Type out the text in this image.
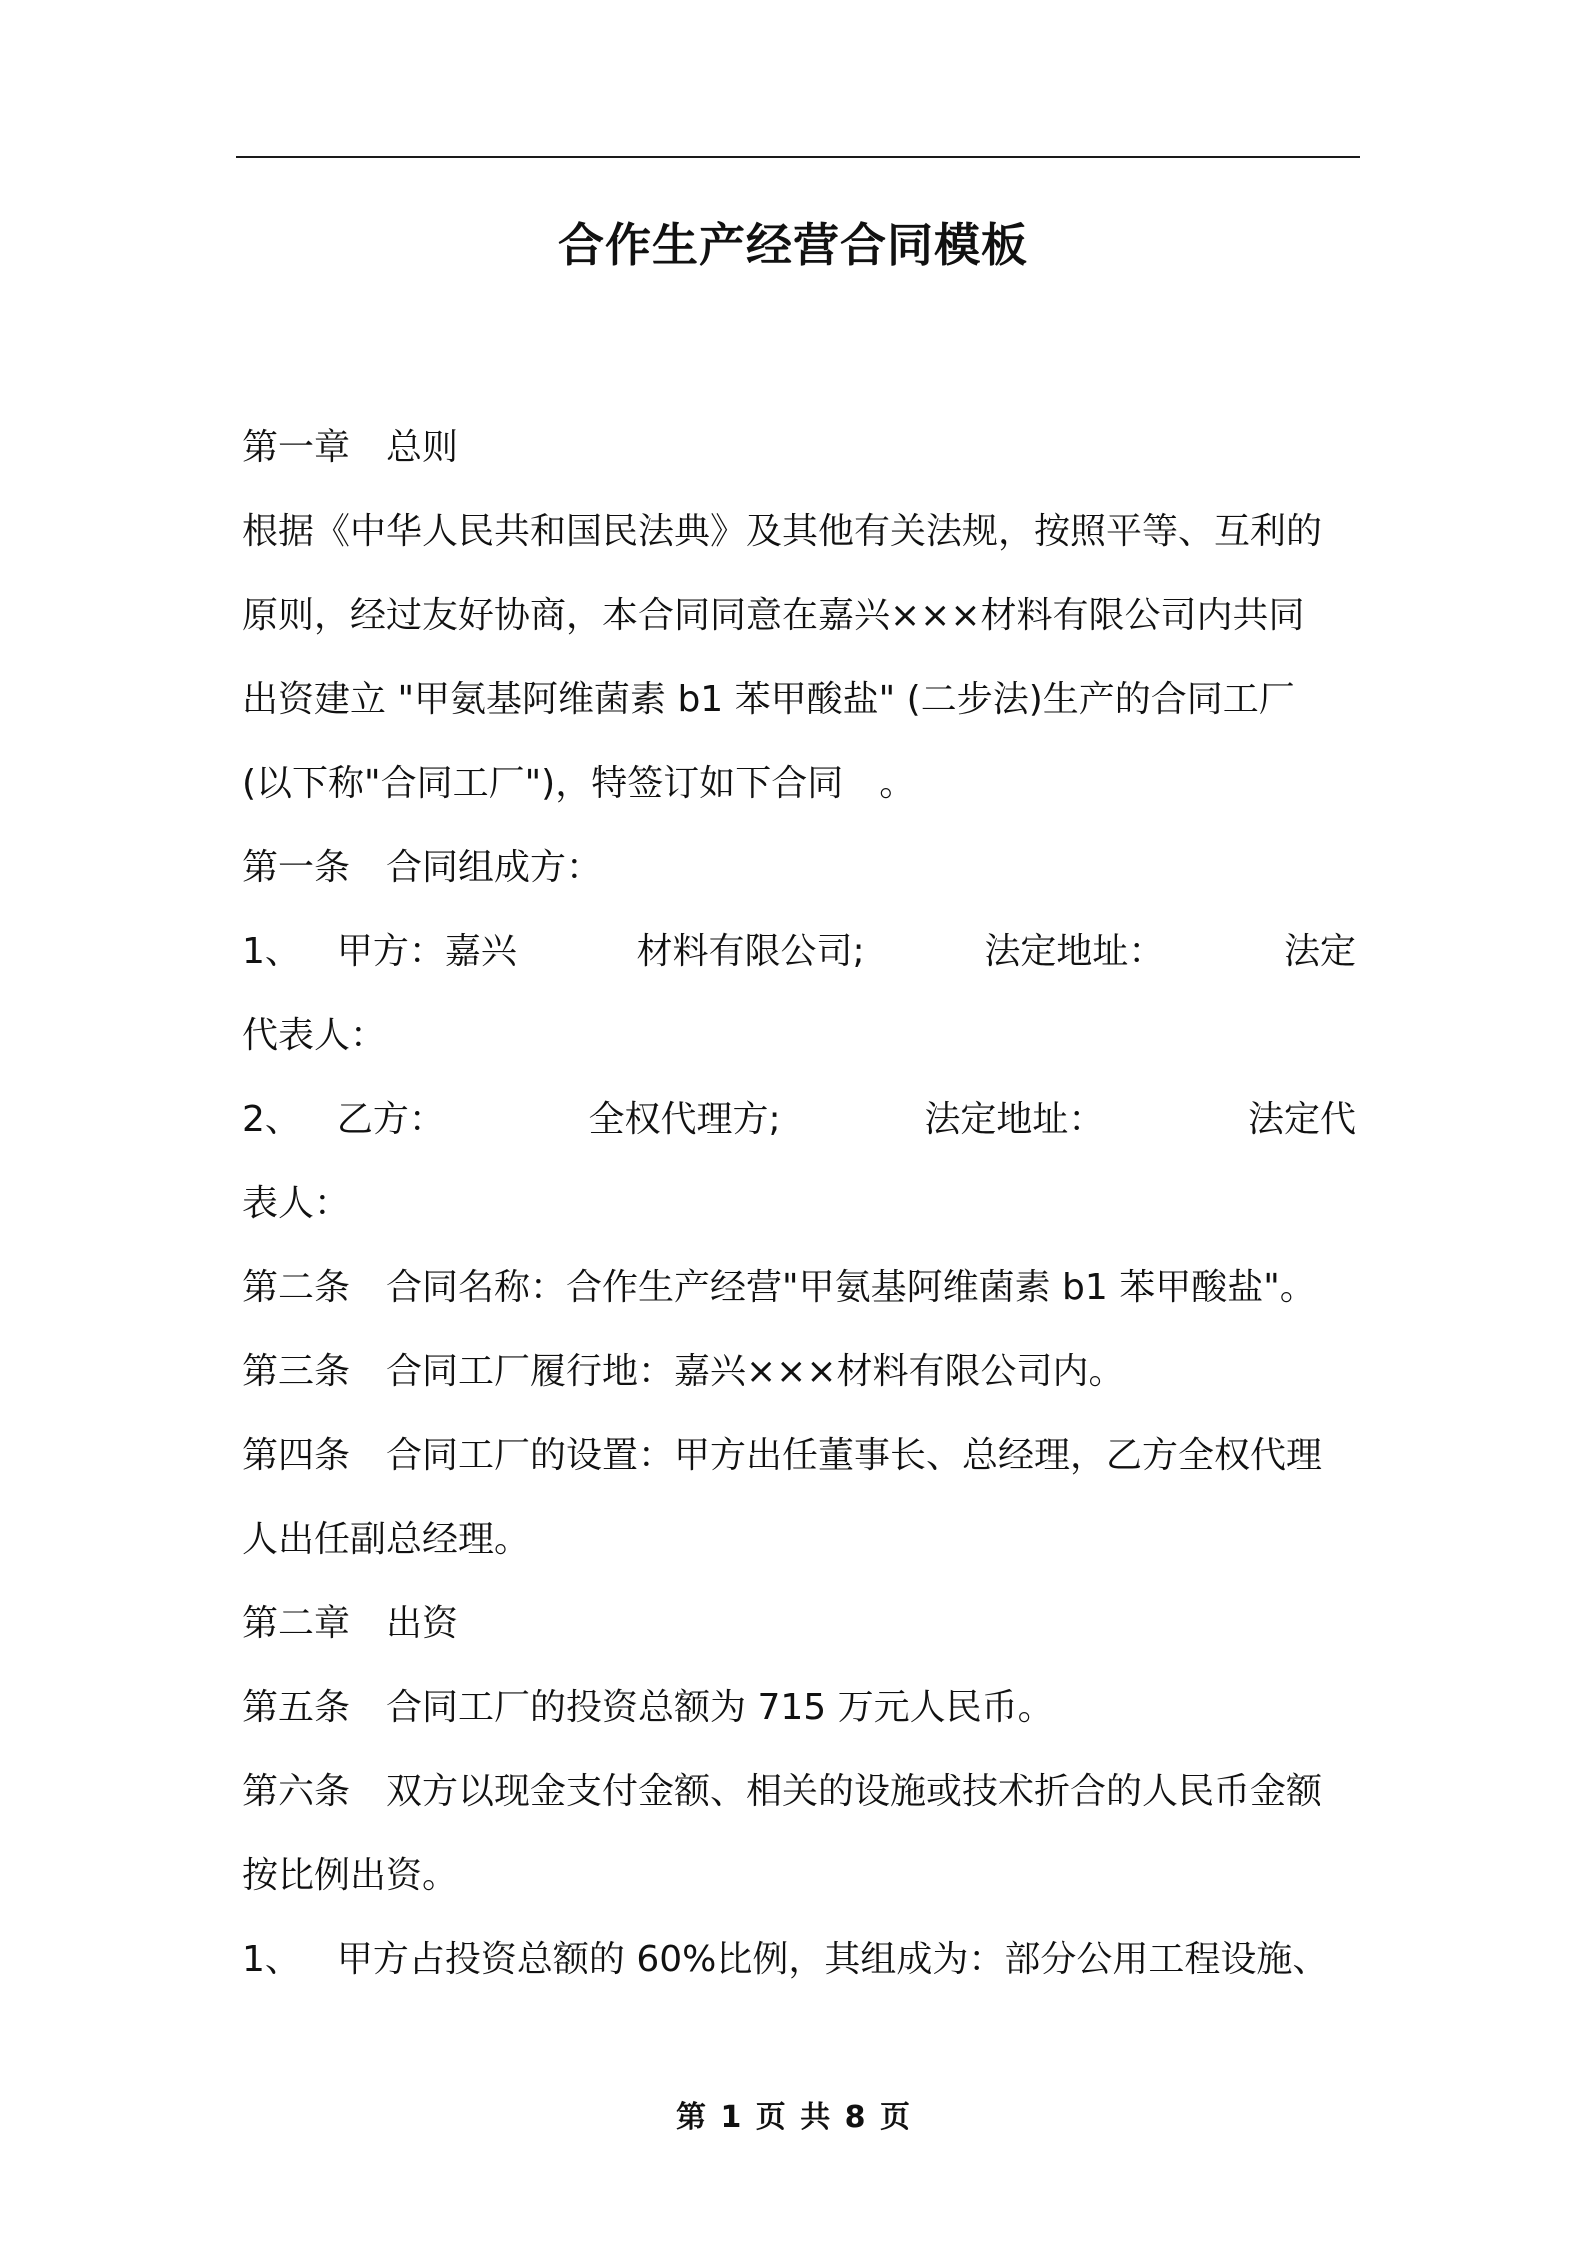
合作生产经营合同模板
第一章 总则
根据《中华人民共和国民法典》及其他有关法规，按照平等、互利的
原则，经过友好协商，本合同同意在嘉兴×××材料有限公司内共同
出资建立 "甲氨基阿维菌素 b1 苯甲酸盐" (二步法)生产的合同工厂
(以下称"合同工厂")，特签订如下合同　。
第一条 合同组成方：
1、 甲方：嘉兴	材料有限公司;	法定地址：	法定
代表人：
2、 乙方：	全权代理方;	法定地址：	法定代
表人：
第二条 合同名称：合作生产经营"甲氨基阿维菌素 b1 苯甲酸盐"。
第三条 合同工厂履行地：嘉兴×××材料有限公司内。
第四条 合同工厂的设置：甲方出任董事长、总经理，乙方全权代理
人出任副总经理。
第二章 出资
第五条 合同工厂的投资总额为 715 万元人民币。
第六条 双方以现金支付金额、相关的设施或技术折合的人民币金额
按比例出资。
1、 甲方占投资总额的 60%比例，其组成为：部分公用工程设施、
第 1 页 共 8 页
